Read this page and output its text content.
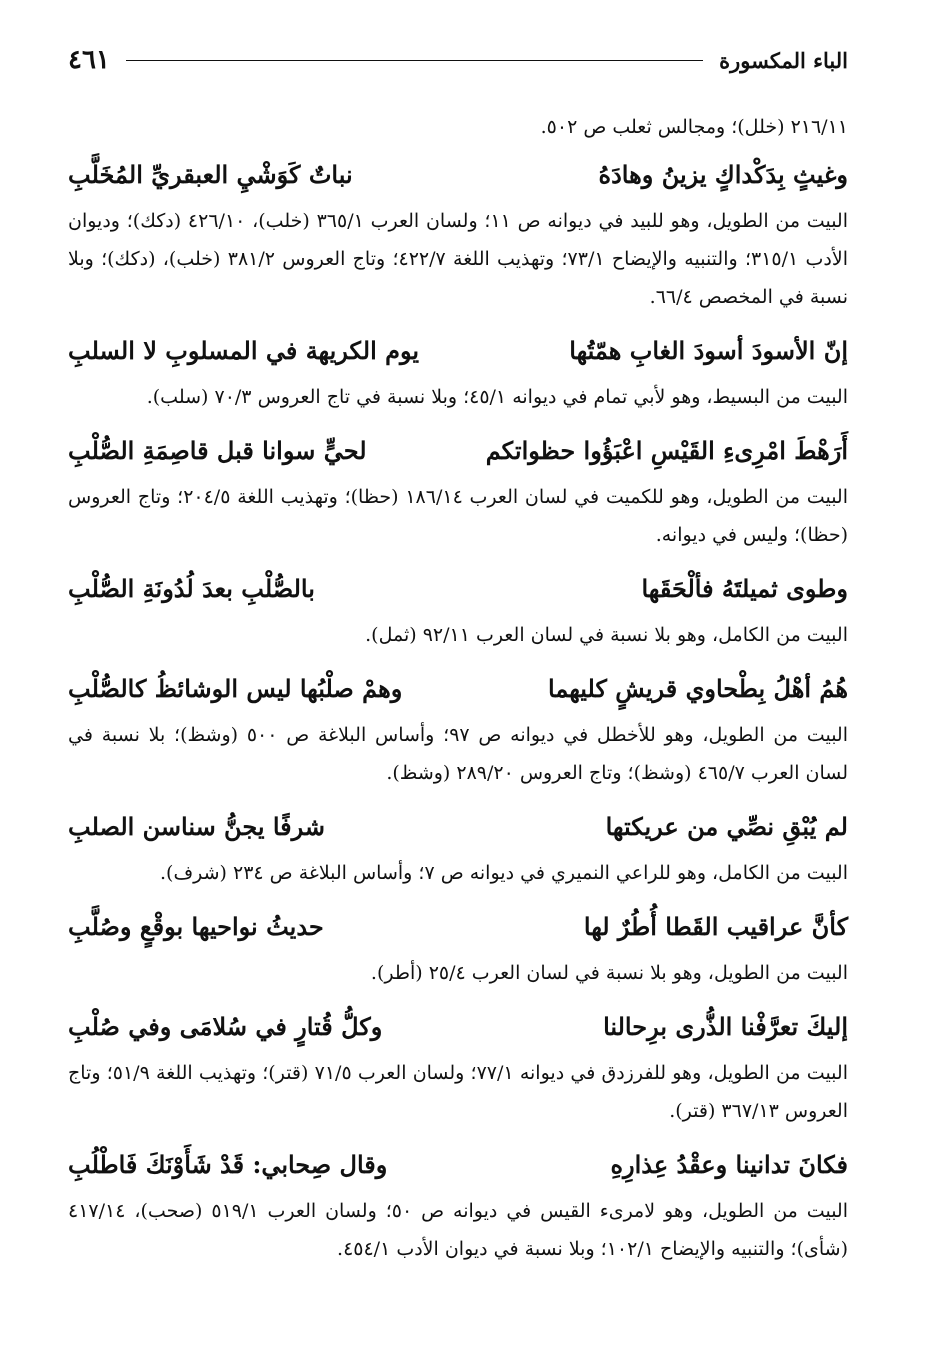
الباء المكسورة
٤٦١

٢١٦/١١ (خلل)؛ ومجالس ثعلب ص ٥٠٢.

وغيثٍ بِدَكْداكٍ يزينُ وهادَهُ
نباتٌ كَوَشْيِ العبقريِّ المُخَلَّبِ

البيت من الطويل، وهو للبيد في ديوانه ص ١١؛ ولسان العرب ٣٦٥/١ (خلب)، ٤٢٦/١٠ (دكك)؛ وديوان الأدب ٣١٥/١؛ والتنبيه والإيضاح ٧٣/١؛ وتهذيب اللغة ٤٢٢/٧؛ وتاج العروس ٣٨١/٢ (خلب)، (دكك)؛ وبلا نسبة في المخصص ٦٦/٤.

إنّ الأسودَ أسودَ الغابِ همّتُها
يوم الكريهة في المسلوبِ لا السلبِ

البيت من البسيط، وهو لأبي تمام في ديوانه ٤٥/١؛ وبلا نسبة في تاج العروس ٧٠/٣ (سلب).

أَرَهْطَ امْرِىءِ القَيْسِ اعْبَؤُوا حظواتكم
لحيٍّ سوانا قبل قاصِمَةِ الصُّلْبِ

البيت من الطويل، وهو للكميت في لسان العرب ١٨٦/١٤ (حظا)؛ وتهذيب اللغة ٢٠٤/٥؛ وتاج العروس (حظا)؛ وليس في ديوانه.

وطوى ثميلتَهُ فألْحَقَها
بالصُّلْبِ بعدَ لُدُونَةِ الصُّلْبِ

البيت من الكامل، وهو بلا نسبة في لسان العرب ٩٢/١١ (ثمل).

هُمُ أهْلُ بِطْحاوي قريشٍ كليهما
وهمْ صلْبُها ليس الوشائظُ كالصُّلْبِ

البيت من الطويل، وهو للأخطل في ديوانه ص ٩٧؛ وأساس البلاغة ص ٥٠٠ (وشظ)؛ بلا نسبة في لسان العرب ٤٦٥/٧ (وشظ)؛ وتاج العروس ٢٨٩/٢٠ (وشظ).

لم يُبْقِ نصِّي من عريكتها
شرفًا يجنُّ سناسن الصلبِ

البيت من الكامل، وهو للراعي النميري في ديوانه ص ٧؛ وأساس البلاغة ص ٢٣٤ (شرف).

كأنَّ عراقيب القَطا أُطُرٌ لها
حديثُ نواحيها بوقْعٍ وصُلَّبِ

البيت من الطويل، وهو بلا نسبة في لسان العرب ٢٥/٤ (أطر).

إليكَ تعرَّفْنا الذُّرى برِحالنا
وكلُّ قُتارٍ في سُلامَى وفي صُلْبِ

البيت من الطويل، وهو للفرزدق في ديوانه ٧٧/١؛ ولسان العرب ٧١/٥ (قتر)؛ وتهذيب اللغة ٥١/٩؛ وتاج العروس ٣٦٧/١٣ (قتر).

فكانَ تدانينا وعقْدُ عِذارِهِ
وقال صِحابي: قَدْ شَأَوْنَكَ فَاطْلُبِ

البيت من الطويل، وهو لامرىء القيس في ديوانه ص ٥٠؛ ولسان العرب ٥١٩/١ (صحب)، ٤١٧/١٤ (شأى)؛ والتنبيه والإيضاح ١٠٢/١؛ وبلا نسبة في ديوان الأدب ٤٥٤/١.
